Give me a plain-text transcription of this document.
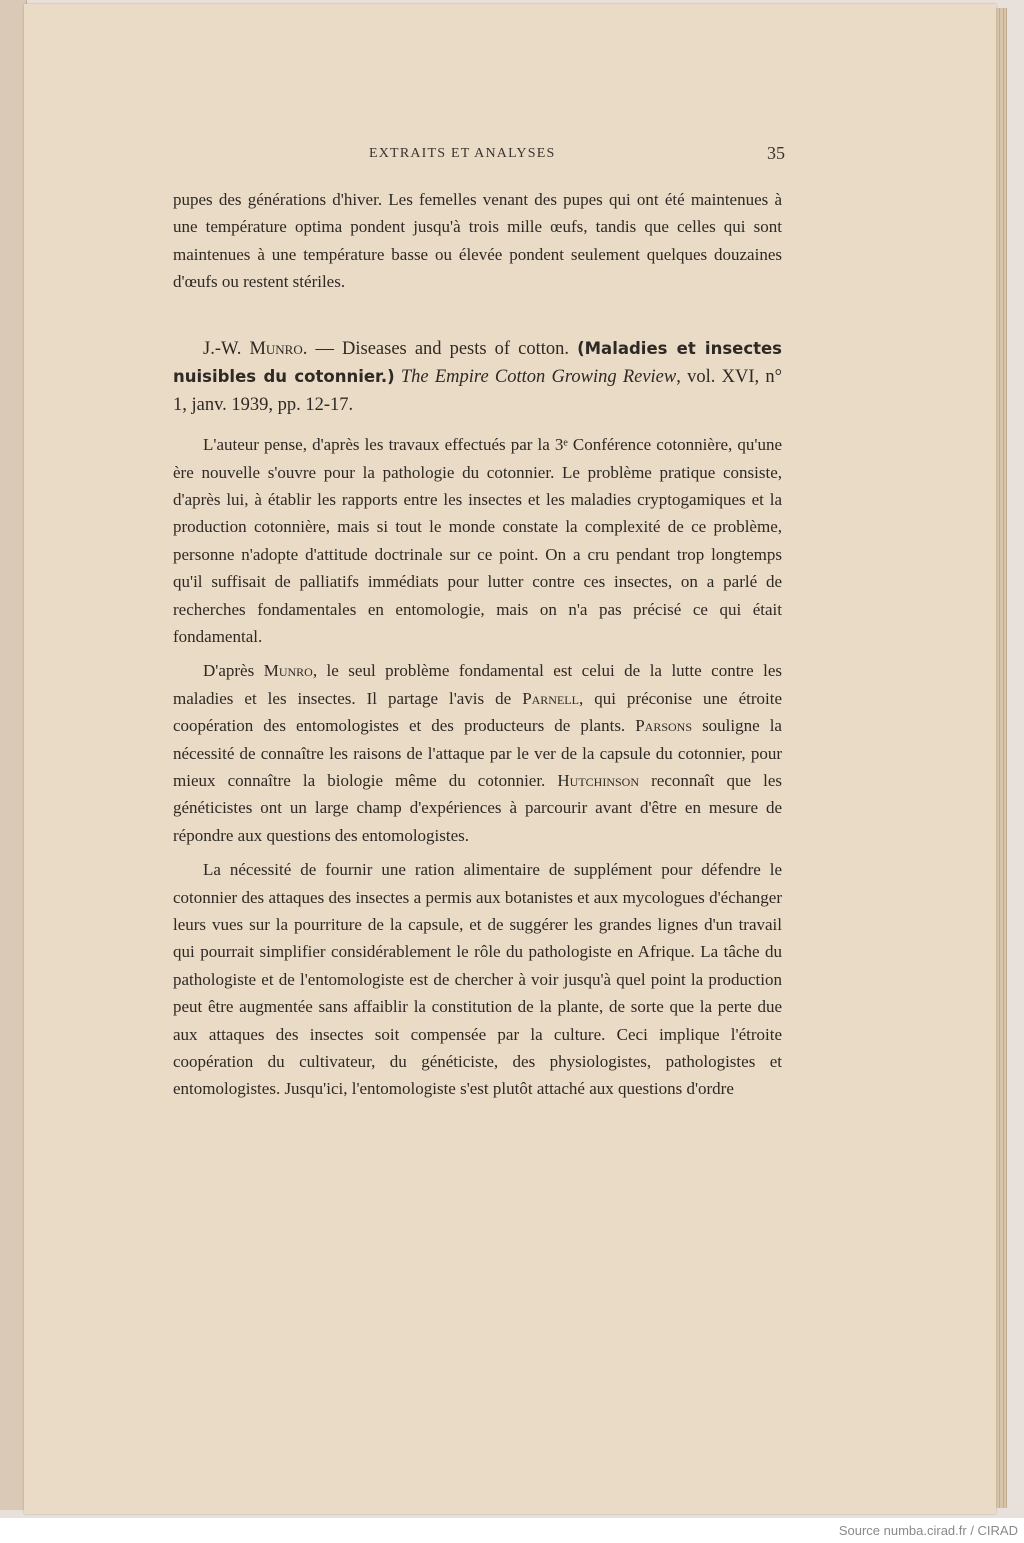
EXTRAITS ET ANALYSES	35

pupes des générations d'hiver. Les femelles venant des pupes qui ont été maintenues à une température optima pondent jusqu'à trois mille œufs, tandis que celles qui sont maintenues à une température basse ou élevée pondent seulement quelques douzaines d'œufs ou restent stériles.

J.-W. Munro. — Diseases and pests of cotton. (Maladies et insectes nuisibles du cotonnier.) The Empire Cotton Growing Review, vol. XVI, n° 1, janv. 1939, pp. 12-17.

L'auteur pense, d'après les travaux effectués par la 3ᵉ Conférence cotonnière, qu'une ère nouvelle s'ouvre pour la pathologie du cotonnier. Le problème pratique consiste, d'après lui, à établir les rapports entre les insectes et les maladies cryptogamiques et la production cotonnière, mais si tout le monde constate la complexité de ce problème, personne n'adopte d'attitude doctrinale sur ce point. On a cru pendant trop longtemps qu'il suffisait de palliatifs immédiats pour lutter contre ces insectes, on a parlé de recherches fondamentales en entomologie, mais on n'a pas précisé ce qui était fondamental.

D'après Munro, le seul problème fondamental est celui de la lutte contre les maladies et les insectes. Il partage l'avis de Parnell, qui préconise une étroite coopération des entomologistes et des producteurs de plants. Parsons souligne la nécessité de connaître les raisons de l'attaque par le ver de la capsule du cotonnier, pour mieux connaître la biologie même du cotonnier. Hutchinson reconnaît que les généticistes ont un large champ d'expériences à parcourir avant d'être en mesure de répondre aux questions des entomologistes.

La nécessité de fournir une ration alimentaire de supplément pour défendre le cotonnier des attaques des insectes a permis aux botanistes et aux mycologues d'échanger leurs vues sur la pourriture de la capsule, et de suggérer les grandes lignes d'un travail qui pourrait simplifier considérablement le rôle du pathologiste en Afrique. La tâche du pathologiste et de l'entomologiste est de chercher à voir jusqu'à quel point la production peut être augmentée sans affaiblir la constitution de la plante, de sorte que la perte due aux attaques des insectes soit compensée par la culture. Ceci implique l'étroite coopération du cultivateur, du généticiste, des physiologistes, pathologistes et entomologistes. Jusqu'ici, l'entomologiste s'est plutôt attaché aux questions d'ordre

Source numba.cirad.fr / CIRAD
